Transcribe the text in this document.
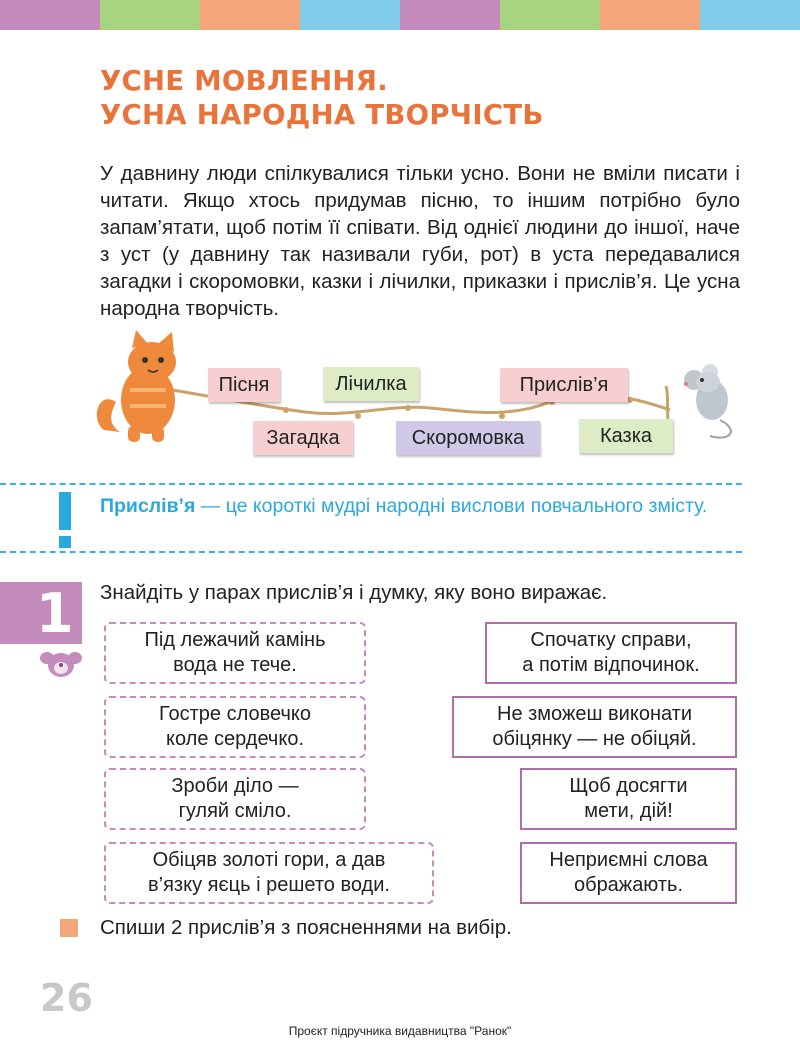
УСНЕ МОВЛЕННЯ.
УСНА НАРОДНА ТВОРЧІСТЬ

У давнину люди спілкувалися тільки усно. Вони не вміли писати і читати. Якщо хтось придумав пісню, то іншим потрібно було запам’ятати, щоб потім її співати. Від однієї людини до іншої, наче з уст (у давнину так називали губи, рот) в уста передавалися загадки і скоромовки, казки і лічилки, приказки і прислів’я. Це усна народна творчість.

Пісня
Загадка
Лічилка
Скоромовка
Прислів’я
Казка

Прислів’я — це короткі мудрі народні вислови повчального змісту.

1 Знайдіть у парах прислів’я і думку, яку воно виражає.

Під лежачий камінь
вода не тече.
Гостре словечко
коле сердечко.
Зроби діло —
гуляй сміло.
Обіцяв золоті гори, а дав
в’язку яєць і решето води.
Спочатку справи,
а потім відпочинок.
Не зможеш виконати
обіцянку — не обіцяй.
Щоб досягти
мети, дій!
Неприємні слова
ображають.

Спиши 2 прислів’я з поясненнями на вибір.

26
Проєкт підручника видавництва "Ранок"
